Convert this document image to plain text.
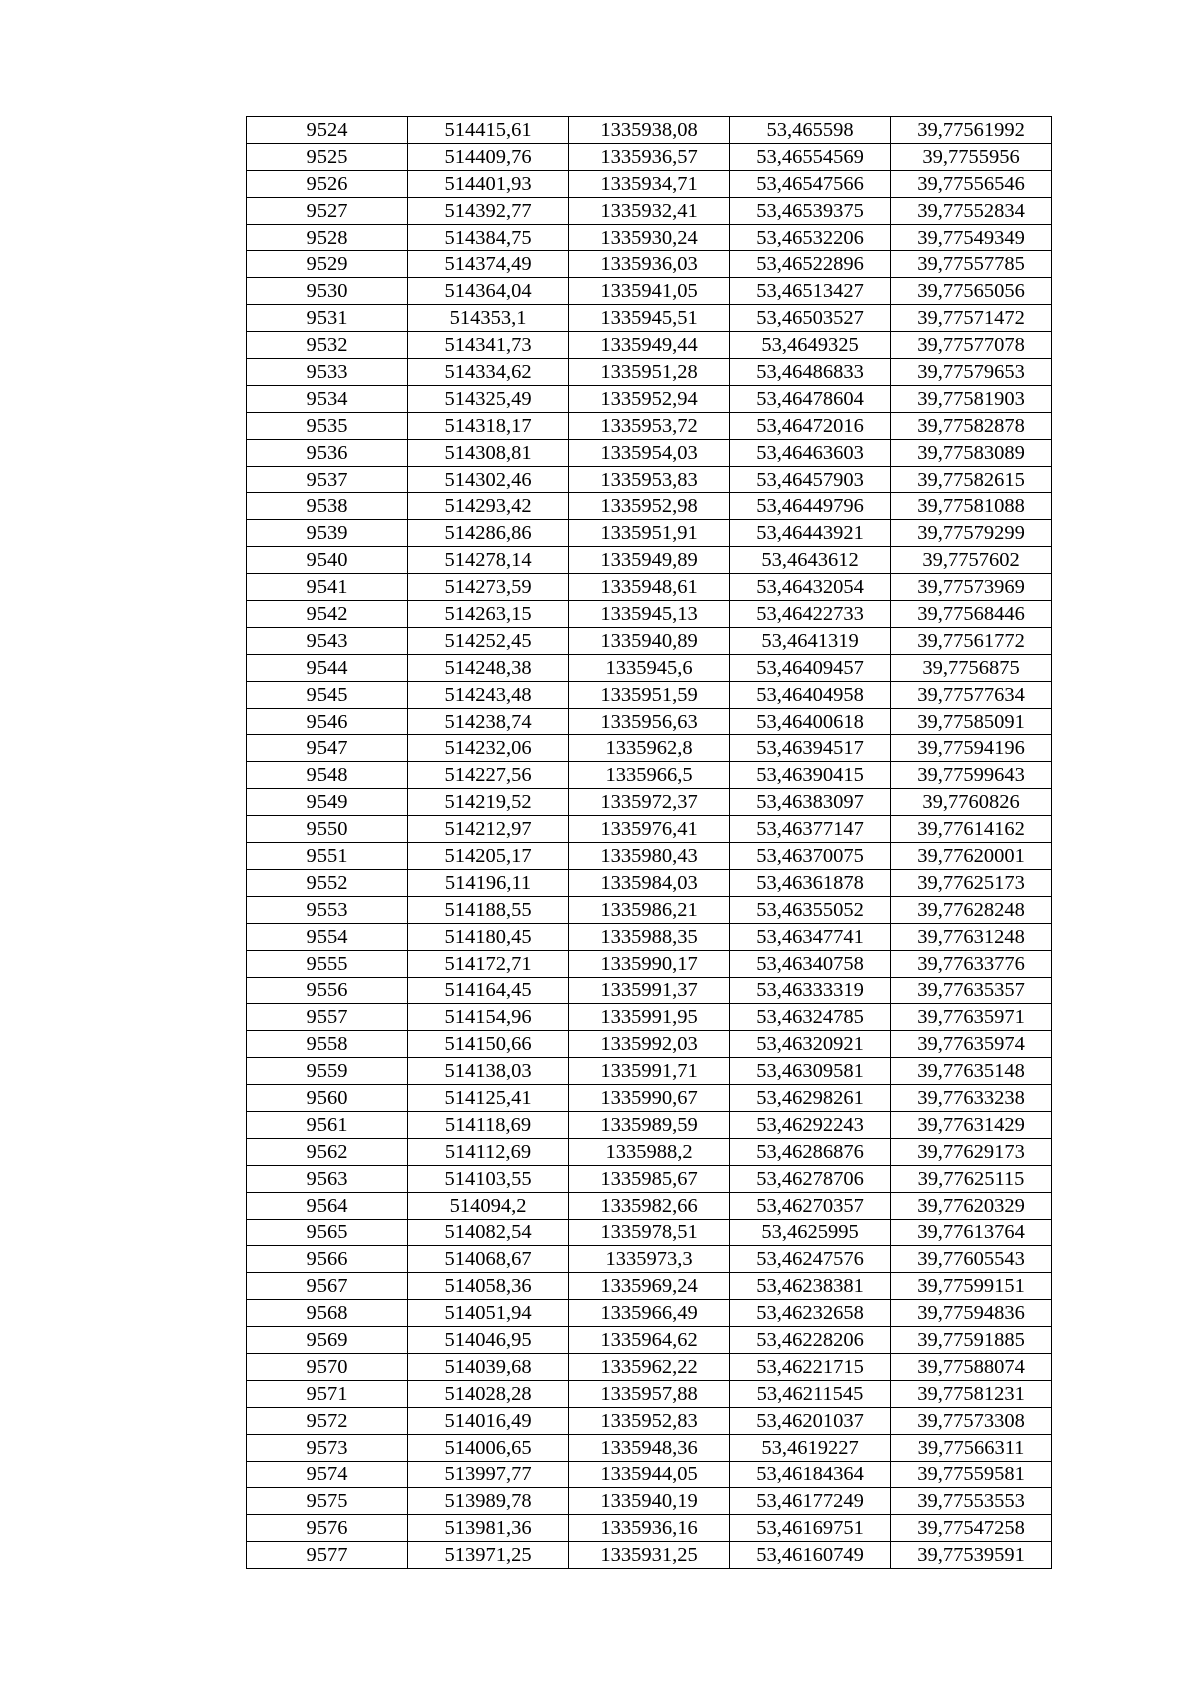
9524	514415,61	1335938,08	53,465598	39,77561992
9525	514409,76	1335936,57	53,46554569	39,7755956
9526	514401,93	1335934,71	53,46547566	39,77556546
9527	514392,77	1335932,41	53,46539375	39,77552834
9528	514384,75	1335930,24	53,46532206	39,77549349
9529	514374,49	1335936,03	53,46522896	39,77557785
9530	514364,04	1335941,05	53,46513427	39,77565056
9531	514353,1	1335945,51	53,46503527	39,77571472
9532	514341,73	1335949,44	53,4649325	39,77577078
9533	514334,62	1335951,28	53,46486833	39,77579653
9534	514325,49	1335952,94	53,46478604	39,77581903
9535	514318,17	1335953,72	53,46472016	39,77582878
9536	514308,81	1335954,03	53,46463603	39,77583089
9537	514302,46	1335953,83	53,46457903	39,77582615
9538	514293,42	1335952,98	53,46449796	39,77581088
9539	514286,86	1335951,91	53,46443921	39,77579299
9540	514278,14	1335949,89	53,4643612	39,7757602
9541	514273,59	1335948,61	53,46432054	39,77573969
9542	514263,15	1335945,13	53,46422733	39,77568446
9543	514252,45	1335940,89	53,4641319	39,77561772
9544	514248,38	1335945,6	53,46409457	39,7756875
9545	514243,48	1335951,59	53,46404958	39,77577634
9546	514238,74	1335956,63	53,46400618	39,77585091
9547	514232,06	1335962,8	53,46394517	39,77594196
9548	514227,56	1335966,5	53,46390415	39,77599643
9549	514219,52	1335972,37	53,46383097	39,7760826
9550	514212,97	1335976,41	53,46377147	39,77614162
9551	514205,17	1335980,43	53,46370075	39,77620001
9552	514196,11	1335984,03	53,46361878	39,77625173
9553	514188,55	1335986,21	53,46355052	39,77628248
9554	514180,45	1335988,35	53,46347741	39,77631248
9555	514172,71	1335990,17	53,46340758	39,77633776
9556	514164,45	1335991,37	53,46333319	39,77635357
9557	514154,96	1335991,95	53,46324785	39,77635971
9558	514150,66	1335992,03	53,46320921	39,77635974
9559	514138,03	1335991,71	53,46309581	39,77635148
9560	514125,41	1335990,67	53,46298261	39,77633238
9561	514118,69	1335989,59	53,46292243	39,77631429
9562	514112,69	1335988,2	53,46286876	39,77629173
9563	514103,55	1335985,67	53,46278706	39,77625115
9564	514094,2	1335982,66	53,46270357	39,77620329
9565	514082,54	1335978,51	53,4625995	39,77613764
9566	514068,67	1335973,3	53,46247576	39,77605543
9567	514058,36	1335969,24	53,46238381	39,77599151
9568	514051,94	1335966,49	53,46232658	39,77594836
9569	514046,95	1335964,62	53,46228206	39,77591885
9570	514039,68	1335962,22	53,46221715	39,77588074
9571	514028,28	1335957,88	53,46211545	39,77581231
9572	514016,49	1335952,83	53,46201037	39,77573308
9573	514006,65	1335948,36	53,4619227	39,77566311
9574	513997,77	1335944,05	53,46184364	39,77559581
9575	513989,78	1335940,19	53,46177249	39,77553553
9576	513981,36	1335936,16	53,46169751	39,77547258
9577	513971,25	1335931,25	53,46160749	39,77539591
